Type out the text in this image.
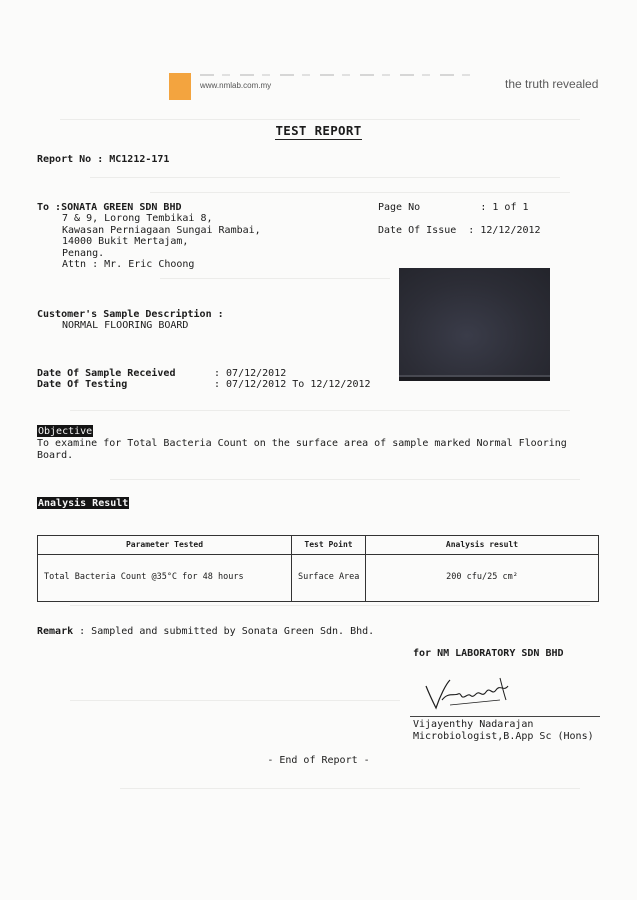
www.nmlab.com.my	the truth revealed
TEST REPORT
Report No : MC1212-171
To :SONATA GREEN SDN BHD
7 & 9, Lorong Tembikai 8,
Kawasan Perniagaan Sungai Rambai,
14000 Bukit Mertajam,
Penang.
Attn : Mr. Eric Choong
Page No          : 1 of 1
Date Of Issue  : 12/12/2012
Customer's Sample Description :
NORMAL FLOORING BOARD
Date Of Sample Received	: 07/12/2012
Date Of Testing	: 07/12/2012 To 12/12/2012
Objective
To examine for Total Bacteria Count on the surface area of sample marked Normal Flooring Board.
Analysis Result
Parameter Tested	Test Point	Analysis result
Total Bacteria Count @35°C for 48 hours	Surface Area	200 cfu/25 cm²
Remark : Sampled and submitted by Sonata Green Sdn. Bhd.
for NM LABORATORY SDN BHD
Vijayenthy Nadarajan
Microbiologist,B.App Sc (Hons)
- End of Report -
